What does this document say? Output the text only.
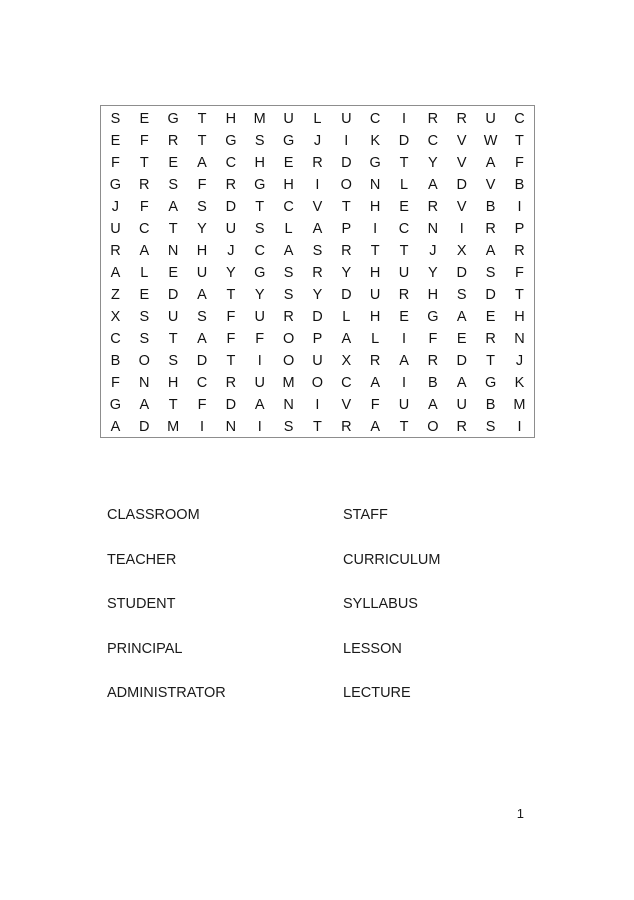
S	E	G	T	H	M	U	L	U	C	I	R	R	U	C
E	F	R	T	G	S	G	J	I	K	D	C	V	W	T
F	T	E	A	C	H	E	R	D	G	T	Y	V	A	F
G	R	S	F	R	G	H	I	O	N	L	A	D	V	B
J	F	A	S	D	T	C	V	T	H	E	R	V	B	I
U	C	T	Y	U	S	L	A	P	I	C	N	I	R	P
R	A	N	H	J	C	A	S	R	T	T	J	X	A	R
A	L	E	U	Y	G	S	R	Y	H	U	Y	D	S	F
Z	E	D	A	T	Y	S	Y	D	U	R	H	S	D	T
X	S	U	S	F	U	R	D	L	H	E	G	A	E	H
C	S	T	A	F	F	O	P	A	L	I	F	E	R	N
B	O	S	D	T	I	O	U	X	R	A	R	D	T	J
F	N	H	C	R	U	M	O	C	A	I	B	A	G	K
G	A	T	F	D	A	N	I	V	F	U	A	U	B	M
A	D	M	I	N	I	S	T	R	A	T	O	R	S	I
CLASSROOM	STAFF
TEACHER	CURRICULUM
STUDENT	SYLLABUS
PRINCIPAL	LESSON
ADMINISTRATOR	LECTURE
1
